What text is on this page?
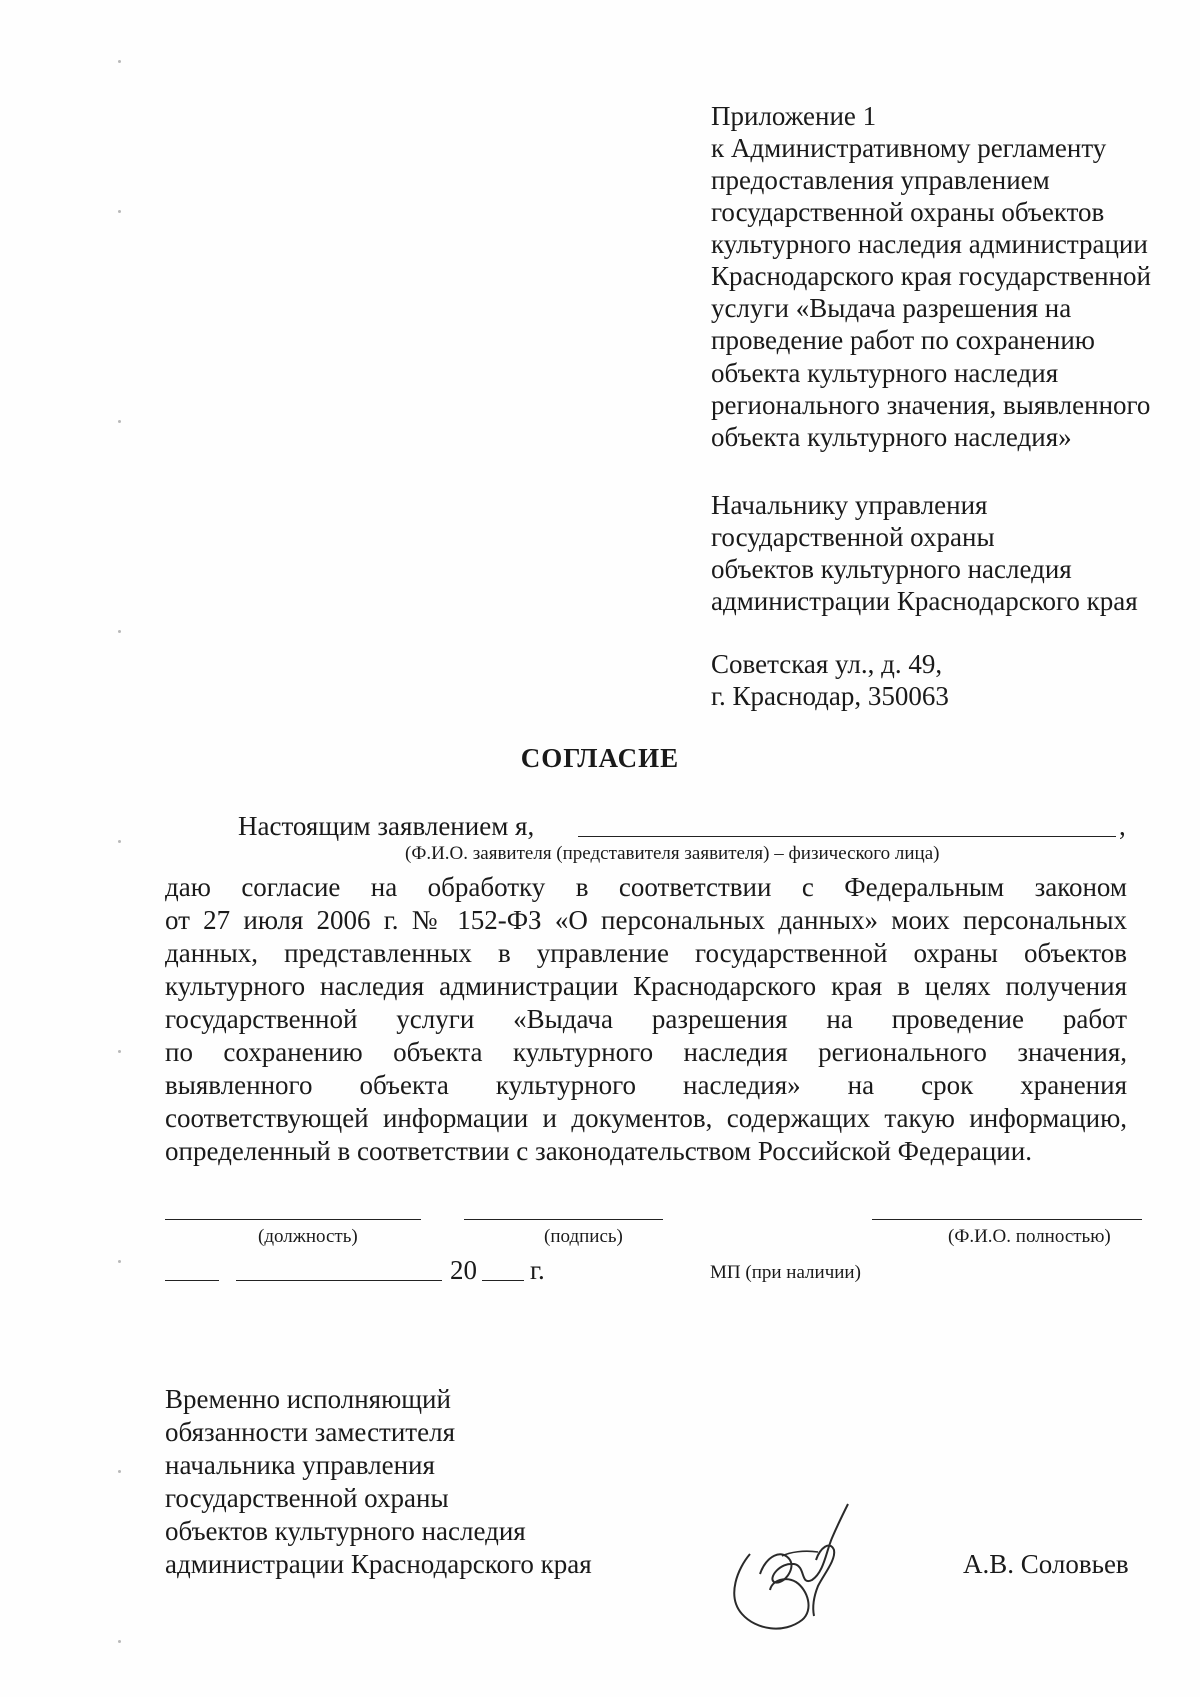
Приложение 1
к Административному регламенту
предоставления управлением
государственной охраны объектов
культурного наследия администрации
Краснодарского края государственной
услуги «Выдача разрешения на
проведение работ по сохранению
объекта культурного наследия
регионального значения, выявленного
объекта культурного наследия»
Начальнику управления
государственной охраны
объектов культурного наследия
администрации Краснодарского края
Советская ул., д. 49,
г. Краснодар, 350063
СОГЛАСИЕ
Настоящим заявлением я,	,
(Ф.И.О. заявителя (представителя заявителя) – физического лица)
даю согласие на обработку в соответствии с Федеральным законом
от 27 июля 2006 г. № 152-ФЗ «О персональных данных» моих персональных
данных, представленных в управление государственной охраны объектов
культурного наследия администрации Краснодарского края в целях получения
государственной услуги «Выдача разрешения на проведение работ
по сохранению объекта культурного наследия регионального значения,
выявленного объекта культурного наследия» на срок хранения
соответствующей информации и документов, содержащих такую информацию,
определенный в соответствии с законодательством Российской Федерации.
(должность)	(подпись)	(Ф.И.О. полностью)
20 г.	МП (при наличии)
Временно исполняющий
обязанности заместителя
начальника управления
государственной охраны
объектов культурного наследия
администрации Краснодарского края	А.В. Соловьев
